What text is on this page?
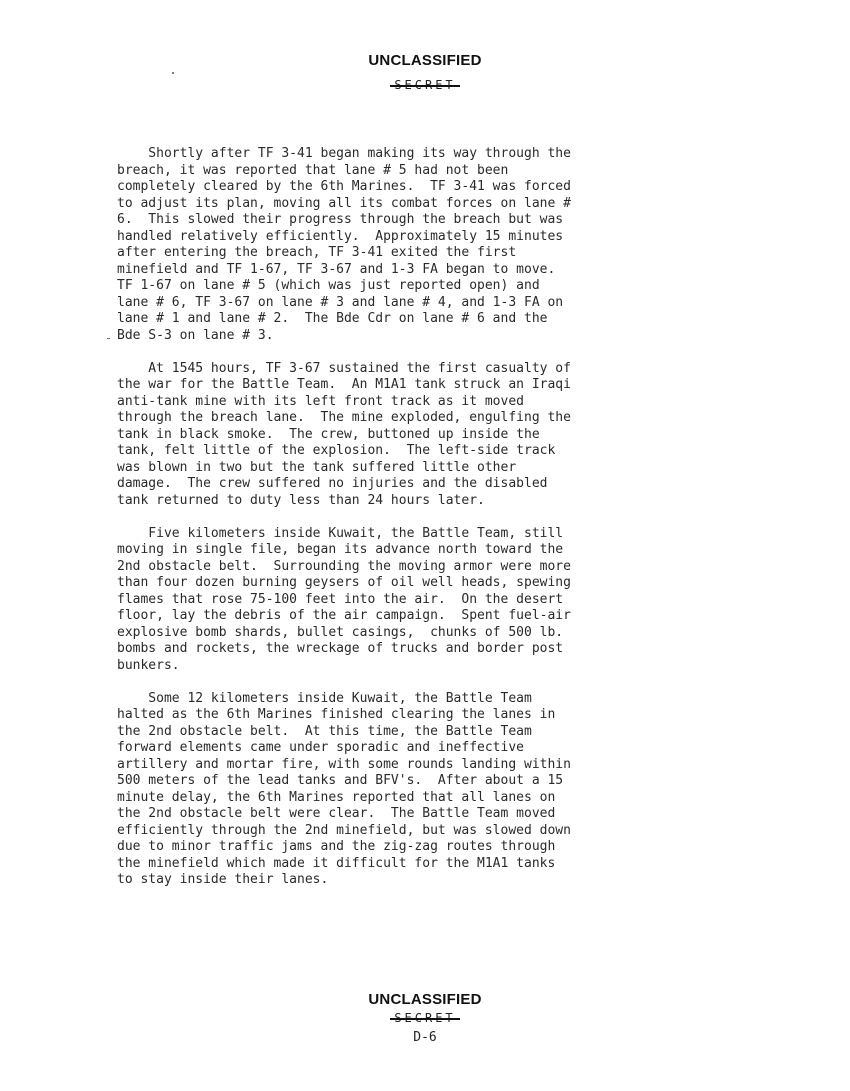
UNCLASSIFIED
SECRET
Shortly after TF 3-41 began making its way through the
breach, it was reported that lane # 5 had not been
completely cleared by the 6th Marines.  TF 3-41 was forced
to adjust its plan, moving all its combat forces on lane #
6.  This slowed their progress through the breach but was
handled relatively efficiently.  Approximately 15 minutes
after entering the breach, TF 3-41 exited the first
minefield and TF 1-67, TF 3-67 and 1-3 FA began to move.
TF 1-67 on lane # 5 (which was just reported open) and
lane # 6, TF 3-67 on lane # 3 and lane # 4, and 1-3 FA on
lane # 1 and lane # 2.  The Bde Cdr on lane # 6 and the
Bde S-3 on lane # 3.
At 1545 hours, TF 3-67 sustained the first casualty of
the war for the Battle Team.  An M1A1 tank struck an Iraqi
anti-tank mine with its left front track as it moved
through the breach lane.  The mine exploded, engulfing the
tank in black smoke.  The crew, buttoned up inside the
tank, felt little of the explosion.  The left-side track
was blown in two but the tank suffered little other
damage.  The crew suffered no injuries and the disabled
tank returned to duty less than 24 hours later.
Five kilometers inside Kuwait, the Battle Team, still
moving in single file, began its advance north toward the
2nd obstacle belt.  Surrounding the moving armor were more
than four dozen burning geysers of oil well heads, spewing
flames that rose 75-100 feet into the air.  On the desert
floor, lay the debris of the air campaign.  Spent fuel-air
explosive bomb shards, bullet casings,  chunks of 500 lb.
bombs and rockets, the wreckage of trucks and border post
bunkers.
Some 12 kilometers inside Kuwait, the Battle Team
halted as the 6th Marines finished clearing the lanes in
the 2nd obstacle belt.  At this time, the Battle Team
forward elements came under sporadic and ineffective
artillery and mortar fire, with some rounds landing within
500 meters of the lead tanks and BFV's.  After about a 15
minute delay, the 6th Marines reported that all lanes on
the 2nd obstacle belt were clear.  The Battle Team moved
efficiently through the 2nd minefield, but was slowed down
due to minor traffic jams and the zig-zag routes through
the minefield which made it difficult for the M1A1 tanks
to stay inside their lanes.
UNCLASSIFIED
SECRET
D-6
